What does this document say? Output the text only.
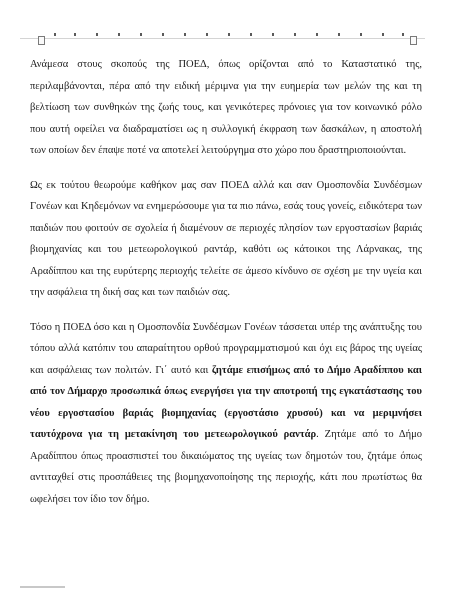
Ανάμεσα στους σκοπούς της ΠΟΕΔ, όπως ορίζονται από το Καταστατικό της, περιλαμβάνονται, πέρα από την ειδική μέριμνα για την ευημερία των μελών της και τη βελτίωση των συνθηκών της ζωής τους, και γενικότερες πρόνοιες για τον κοινωνικό ρόλο που αυτή οφείλει να διαδραματίσει ως η συλλογική έκφραση των δασκάλων, η αποστολή των οποίων δεν έπαψε ποτέ να αποτελεί λειτούργημα στο χώρο που δραστηριοποιούνται.

Ως εκ τούτου θεωρούμε καθήκον μας σαν ΠΟΕΔ αλλά και σαν Ομοσπονδία Συνδέσμων Γονέων και Κηδεμόνων να ενημερώσουμε για τα πιο πάνω, εσάς τους γονείς, ειδικότερα των παιδιών που φοιτούν σε σχολεία ή διαμένουν σε περιοχές πλησίον των εργοστασίων βαριάς βιομηχανίας και του μετεωρολογικού ραντάρ, καθότι ως κάτοικοι της Λάρνακας, της Αραδίππου και της ευρύτερης περιοχής τελείτε σε άμεσο κίνδυνο σε σχέση με την υγεία και την ασφάλεια τη δική σας και των παιδιών σας.

Τόσο η ΠΟΕΔ όσο και η Ομοσπονδία Συνδέσμων Γονέων τάσσεται υπέρ της ανάπτυξης του τόπου αλλά κατόπιν του απαραίτητου ορθού προγραμματισμού και όχι εις βάρος της υγείας και ασφάλειας των πολιτών. Γι΄ αυτό και ζητάμε επισήμως από το Δήμο Αραδίππου και από τον Δήμαρχο προσωπικά όπως ενεργήσει για την αποτροπή της εγκατάστασης του νέου εργοστασίου βαριάς βιομηχανίας (εργοστάσιο χρυσού) και να μεριμνήσει ταυτόχρονα για τη μετακίνηση του μετεωρολογικού ραντάρ. Ζητάμε από το Δήμο Αραδίππου όπως προασπιστεί του δικαιώματος της υγείας των δημοτών του, ζητάμε όπως αντιταχθεί στις προσπάθειες της βιομηχανοποίησης της περιοχής, κάτι που πρωτίστως θα ωφελήσει τον ίδιο τον δήμο.
